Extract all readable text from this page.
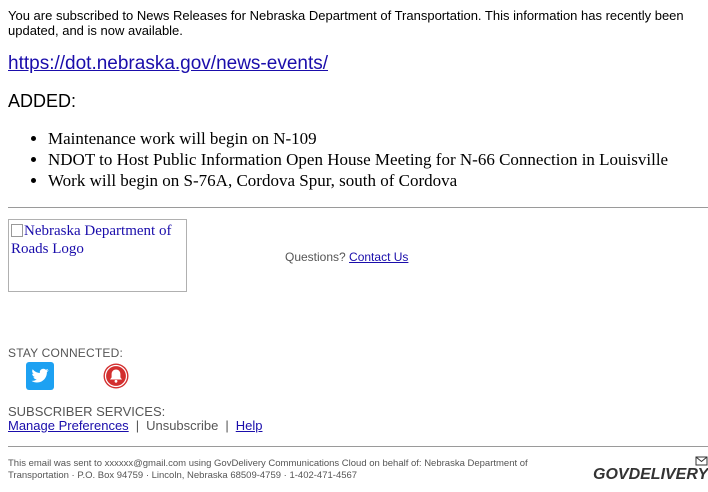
You are subscribed to News Releases for Nebraska Department of Transportation. This information has recently been updated, and is now available.
https://dot.nebraska.gov/news-events/
ADDED:
• Maintenance work will begin on N-109
• NDOT to Host Public Information Open House Meeting for N-66 Connection in Louisville
• Work will begin on S-76A, Cordova Spur, south of Cordova
Nebraska Department of Roads Logo	Questions? Contact Us
STAY CONNECTED:
SUBSCRIBER SERVICES:
Manage Preferences | Unsubscribe | Help
This email was sent to xxxxxx@gmail.com using GovDelivery Communications Cloud on behalf of: Nebraska Department of Transportation · P.O. Box 94759 · Lincoln, Nebraska 68509-4759 · 1-402-471-4567	GOVDELIVERY
